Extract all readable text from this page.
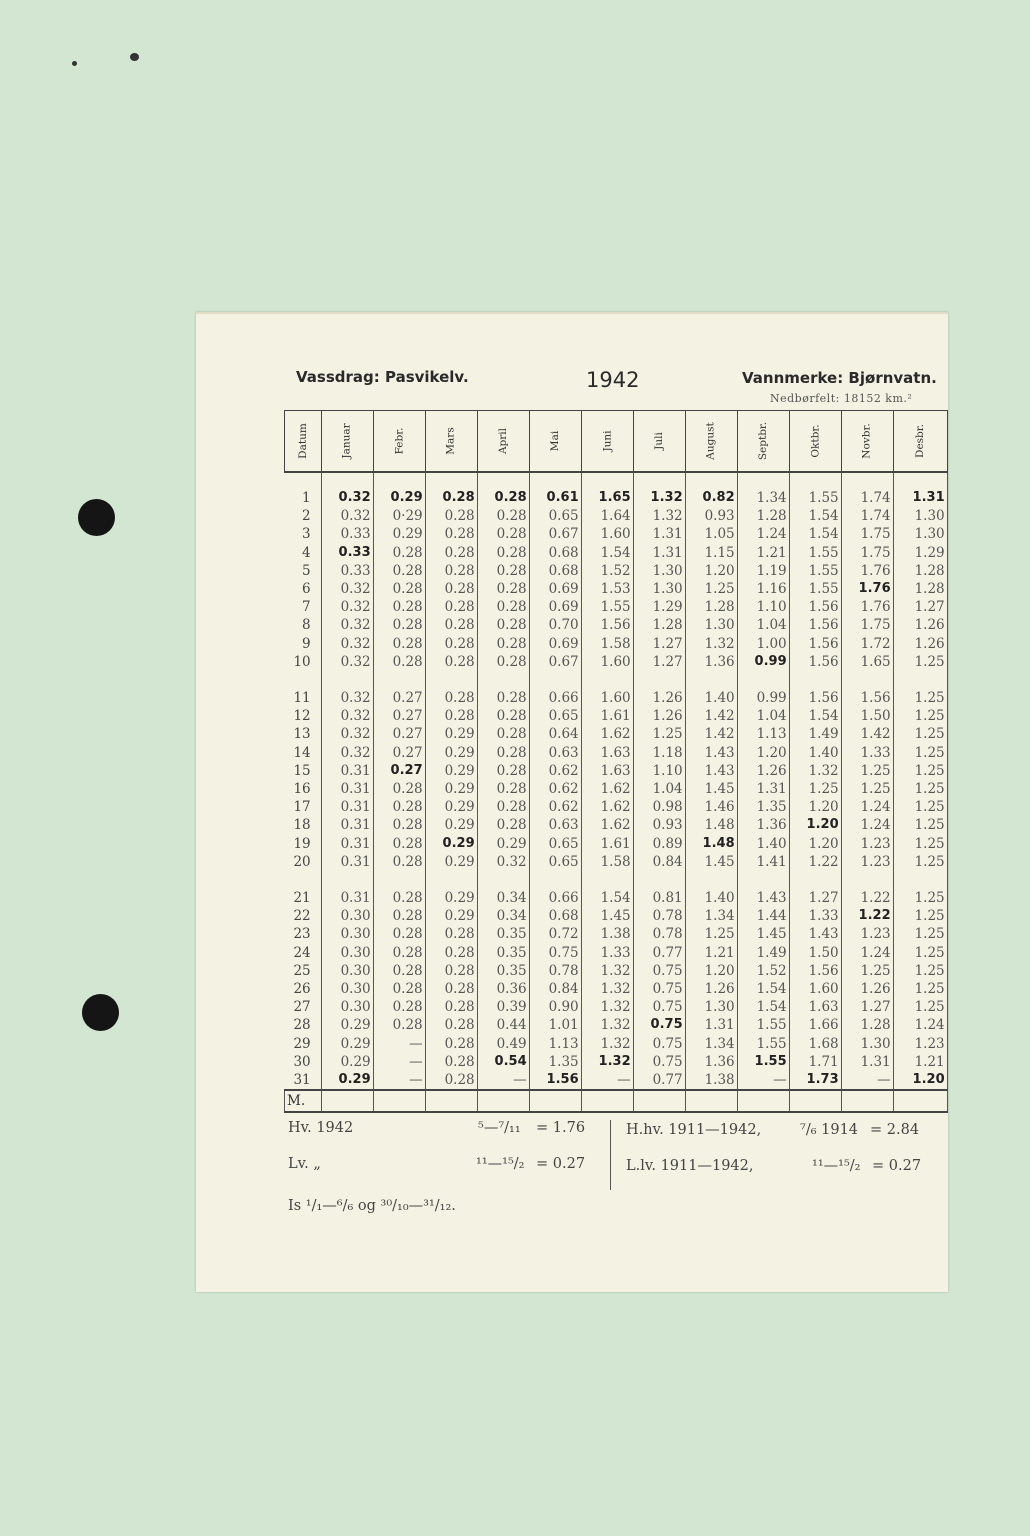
Vassdrag: Pasvikelv.	1942	Vannmerke: Bjørnvatn.
Nedbørfelt: 18152 km.²
Datum	Januar	Febr.	Mars	April	Mai	Juni	Juli	August	Septbr.	Oktbr.	Novbr.	Desbr.
1	0.32	0.29	0.28	0.28	0.61	1.65	1.32	0.82	1.34	1.55	1.74	1.31
2	0.32	0·29	0.28	0.28	0.65	1.64	1.32	0.93	1.28	1.54	1.74	1.30
3	0.33	0.29	0.28	0.28	0.67	1.60	1.31	1.05	1.24	1.54	1.75	1.30
4	0.33	0.28	0.28	0.28	0.68	1.54	1.31	1.15	1.21	1.55	1.75	1.29
5	0.33	0.28	0.28	0.28	0.68	1.52	1.30	1.20	1.19	1.55	1.76	1.28
6	0.32	0.28	0.28	0.28	0.69	1.53	1.30	1.25	1.16	1.55	1.76	1.28
7	0.32	0.28	0.28	0.28	0.69	1.55	1.29	1.28	1.10	1.56	1.76	1.27
8	0.32	0.28	0.28	0.28	0.70	1.56	1.28	1.30	1.04	1.56	1.75	1.26
9	0.32	0.28	0.28	0.28	0.69	1.58	1.27	1.32	1.00	1.56	1.72	1.26
10	0.32	0.28	0.28	0.28	0.67	1.60	1.27	1.36	0.99	1.56	1.65	1.25
11	0.32	0.27	0.28	0.28	0.66	1.60	1.26	1.40	0.99	1.56	1.56	1.25
12	0.32	0.27	0.28	0.28	0.65	1.61	1.26	1.42	1.04	1.54	1.50	1.25
13	0.32	0.27	0.29	0.28	0.64	1.62	1.25	1.42	1.13	1.49	1.42	1.25
14	0.32	0.27	0.29	0.28	0.63	1.63	1.18	1.43	1.20	1.40	1.33	1.25
15	0.31	0.27	0.29	0.28	0.62	1.63	1.10	1.43	1.26	1.32	1.25	1.25
16	0.31	0.28	0.29	0.28	0.62	1.62	1.04	1.45	1.31	1.25	1.25	1.25
17	0.31	0.28	0.29	0.28	0.62	1.62	0.98	1.46	1.35	1.20	1.24	1.25
18	0.31	0.28	0.29	0.28	0.63	1.62	0.93	1.48	1.36	1.20	1.24	1.25
19	0.31	0.28	0.29	0.29	0.65	1.61	0.89	1.48	1.40	1.20	1.23	1.25
20	0.31	0.28	0.29	0.32	0.65	1.58	0.84	1.45	1.41	1.22	1.23	1.25
21	0.31	0.28	0.29	0.34	0.66	1.54	0.81	1.40	1.43	1.27	1.22	1.25
22	0.30	0.28	0.29	0.34	0.68	1.45	0.78	1.34	1.44	1.33	1.22	1.25
23	0.30	0.28	0.28	0.35	0.72	1.38	0.78	1.25	1.45	1.43	1.23	1.25
24	0.30	0.28	0.28	0.35	0.75	1.33	0.77	1.21	1.49	1.50	1.24	1.25
25	0.30	0.28	0.28	0.35	0.78	1.32	0.75	1.20	1.52	1.56	1.25	1.25
26	0.30	0.28	0.28	0.36	0.84	1.32	0.75	1.26	1.54	1.60	1.26	1.25
27	0.30	0.28	0.28	0.39	0.90	1.32	0.75	1.30	1.54	1.63	1.27	1.25
28	0.29	0.28	0.28	0.44	1.01	1.32	0.75	1.31	1.55	1.66	1.28	1.24
29	0.29	—	0.28	0.49	1.13	1.32	0.75	1.34	1.55	1.68	1.30	1.23
30	0.29	—	0.28	0.54	1.35	1.32	0.75	1.36	1.55	1.71	1.31	1.21
31	0.29	—	0.28	—	1.56	—	0.77	1.38	—	1.73	—	1.20
M.												
Hv. 1942	⁵—⁷/₁₁ = 1.76
Lv. „	¹¹—¹⁵/₂ = 0.27
H.hv. 1911—1942,	⁷/₆ 1914 = 2.84
L.lv. 1911—1942,	¹¹—¹⁵/₂ = 0.27
Is ¹/₁—⁶/₆ og ³⁰/₁₀—³¹/₁₂.
